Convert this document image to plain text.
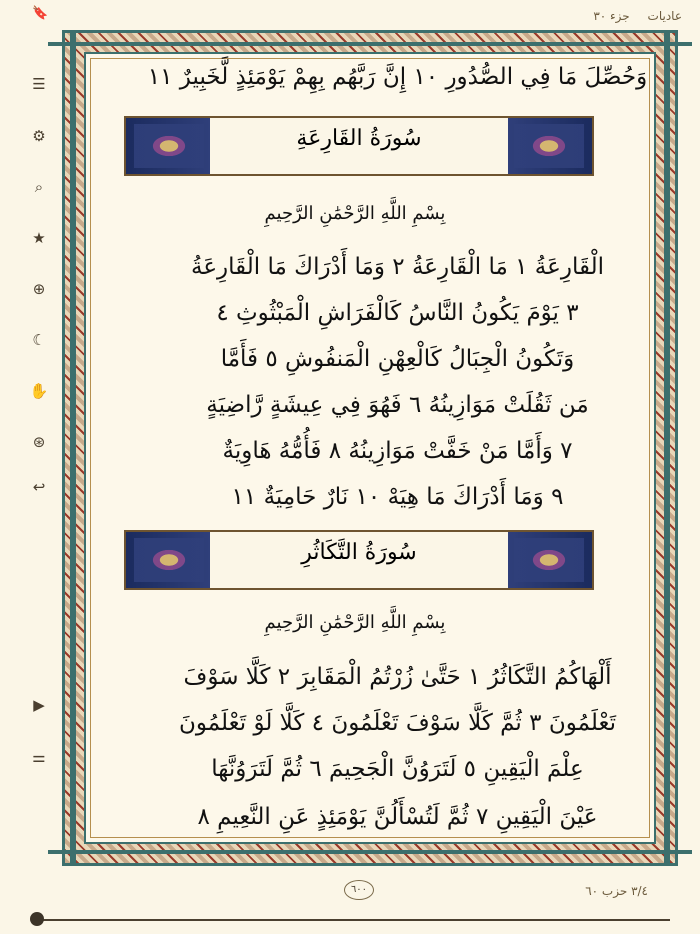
🔖	عاديات جزء ٣٠
☰
⚙
⌕
★
⊕
☾
✋
⊛
↩
▶
⚌
وَحُصِّلَ مَا فِي الصُّدُورِ ١٠ إِنَّ رَبَّهُم بِهِمْ يَوْمَئِذٍ لَّخَبِيرٌ ١١
سُورَةُ القَارِعَةِ
بِسْمِ اللَّهِ الرَّحْمَٰنِ الرَّحِيمِ
الْقَارِعَةُ ١ مَا الْقَارِعَةُ ٢ وَمَا أَدْرَاكَ مَا الْقَارِعَةُ
٣ يَوْمَ يَكُونُ النَّاسُ كَالْفَرَاشِ الْمَبْثُوثِ ٤
وَتَكُونُ الْجِبَالُ كَالْعِهْنِ الْمَنفُوشِ ٥ فَأَمَّا
مَن ثَقُلَتْ مَوَازِينُهُ ٦ فَهُوَ فِي عِيشَةٍ رَّاضِيَةٍ
٧ وَأَمَّا مَنْ خَفَّتْ مَوَازِينُهُ ٨ فَأُمُّهُ هَاوِيَةٌ
٩ وَمَا أَدْرَاكَ مَا هِيَهْ ١٠ نَارٌ حَامِيَةٌ ١١
سُورَةُ التَّكَاثُرِ
بِسْمِ اللَّهِ الرَّحْمَٰنِ الرَّحِيمِ
أَلْهَاكُمُ التَّكَاثُرُ ١ حَتَّىٰ زُرْتُمُ الْمَقَابِرَ ٢ كَلَّا سَوْفَ
تَعْلَمُونَ ٣ ثُمَّ كَلَّا سَوْفَ تَعْلَمُونَ ٤ كَلَّا لَوْ تَعْلَمُونَ
عِلْمَ الْيَقِينِ ٥ لَتَرَوُنَّ الْجَحِيمَ ٦ ثُمَّ لَتَرَوُنَّهَا
عَيْنَ الْيَقِينِ ٧ ثُمَّ لَتُسْأَلُنَّ يَوْمَئِذٍ عَنِ النَّعِيمِ ٨
٦٠٠	٣/٤ حزب ٦٠
